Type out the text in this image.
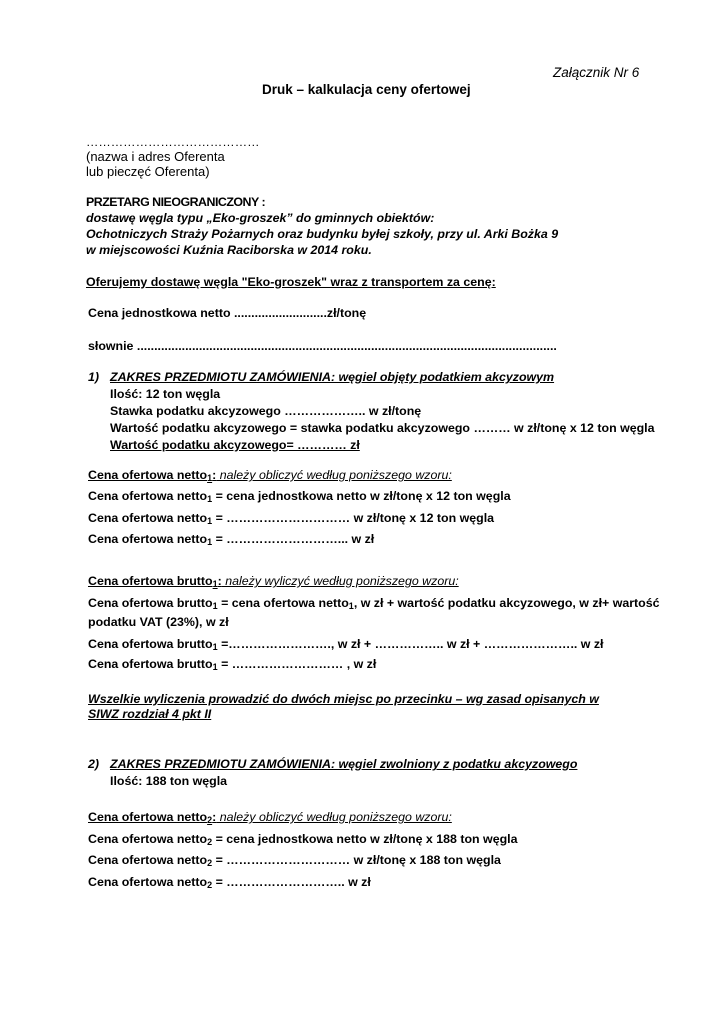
Załącznik Nr 6
Druk – kalkulacja ceny ofertowej
……………………………………
(nazwa i adres Oferenta
lub pieczęć Oferenta)
PRZETARG NIEOGRANICZONY :
dostawę węgla typu „Eko-groszek” do gminnych obiektów:
Ochotniczych Straży Pożarnych oraz budynku byłej szkoły, przy ul. Arki Bożka 9
w miejscowości Kuźnia Raciborska w 2014 roku.
Oferujemy dostawę węgla "Eko-groszek" wraz z transportem za cenę:
Cena jednostkowa netto ...........................zł/tonę
słownie ..........................................................................................................................
1) ZAKRES PRZEDMIOTU ZAMÓWIENIA: węgiel objęty podatkiem akcyzowym
Ilość: 12 ton węgla
Stawka podatku akcyzowego ……………….. w zł/tonę
Wartość podatku akcyzowego = stawka podatku akcyzowego ……… w zł/tonę x 12 ton węgla
Wartość podatku akcyzowego= ………… zł
Cena ofertowa netto$_1$: należy obliczyć według poniższego wzoru:
Cena ofertowa netto$_1$ = cena jednostkowa netto w zł/tonę x 12 ton węgla
Cena ofertowa netto$_1$ = ………………………… w zł/tonę x 12 ton węgla
Cena ofertowa netto$_1$ = ………………………... w zł
Cena ofertowa brutto$_1$: należy wyliczyć według poniższego wzoru:
Cena ofertowa brutto$_1$ = cena ofertowa netto$_1$, w zł + wartość podatku akcyzowego, w zł+ wartość
podatku VAT (23%), w zł
Cena ofertowa brutto$_1$ =……………………., w zł + …………….. w zł + ………………….. w zł
Cena ofertowa brutto$_1$ = ……………………… , w zł
Wszelkie wyliczenia prowadzić do dwóch miejsc po przecinku – wg zasad opisanych w SIWZ rozdział 4 pkt II
2) ZAKRES PRZEDMIOTU ZAMÓWIENIA: węgiel zwolniony z podatku akcyzowego
Ilość: 188 ton węgla
Cena ofertowa netto$_2$: należy obliczyć według poniższego wzoru:
Cena ofertowa netto$_2$ = cena jednostkowa netto w zł/tonę x 188 ton węgla
Cena ofertowa netto$_2$ = ………………………… w zł/tonę x 188 ton węgla
Cena ofertowa netto$_2$ = ……………………….. w zł
